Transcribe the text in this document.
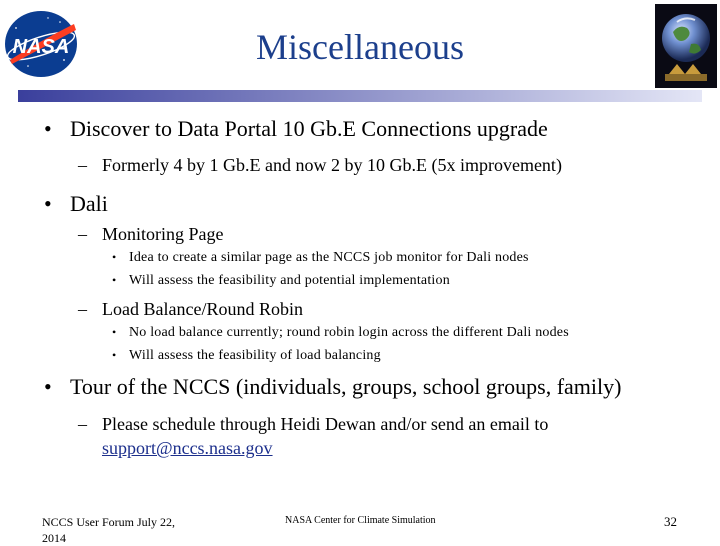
NASA	Miscellaneous
• Discover to Data Portal 10 Gb.E Connections upgrade
– Formerly 4 by 1 Gb.E and now 2 by 10 Gb.E (5x improvement)
• Dali
– Monitoring Page
• Idea to create a similar page as the NCCS job monitor for Dali nodes
• Will assess the feasibility and potential implementation
– Load Balance/Round Robin
• No load balance currently; round robin login across the different Dali nodes
• Will assess the feasibility of load balancing
• Tour of the NCCS (individuals, groups, school groups, family)
– Please schedule through Heidi Dewan and/or send an email to
support@nccs.nasa.gov
NCCS User Forum July 22,
2014
NASA Center for Climate Simulation	32
